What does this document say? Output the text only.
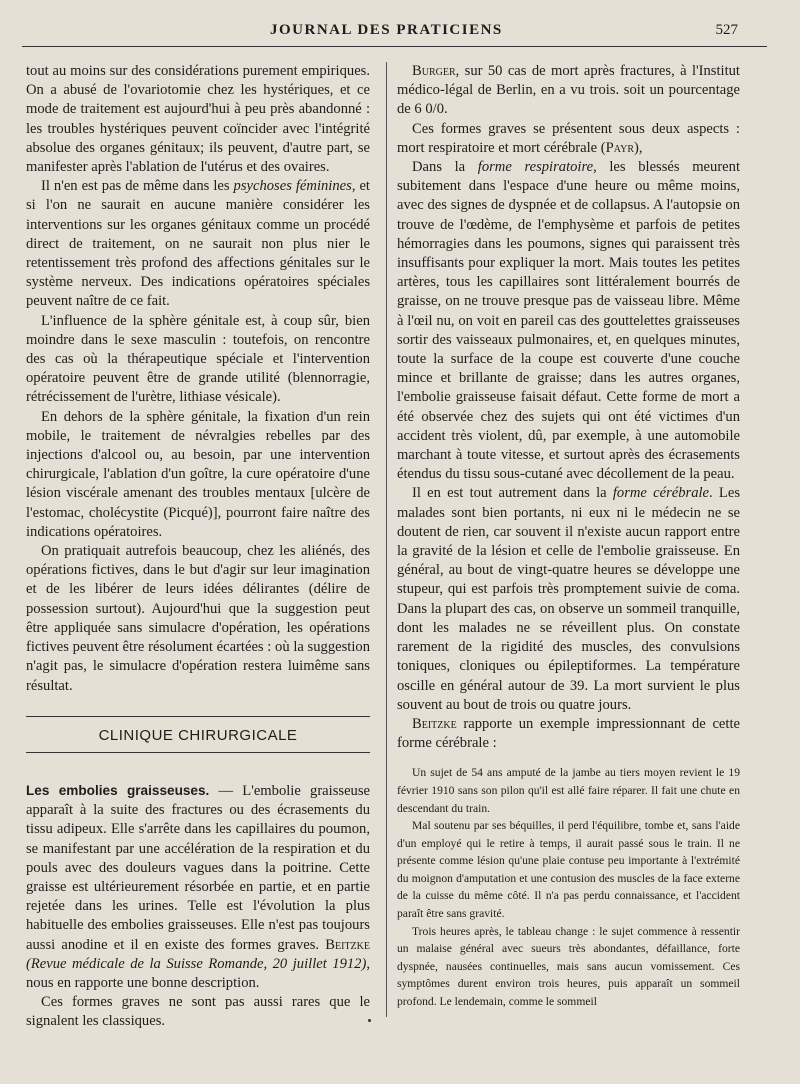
JOURNAL DES PRATICIENS	527

tout au moins sur des considérations purement empiriques. On a abusé de l'ovariotomie chez les hystériques, et ce mode de traitement est aujourd'hui à peu près abandonné : les troubles hystériques peuvent coïncider avec l'intégrité absolue des organes génitaux; ils peuvent, d'autre part, se manifester après l'ablation de l'utérus et des ovaires.

Il n'en est pas de même dans les psychoses féminines, et si l'on ne saurait en aucune manière considérer les interventions sur les organes génitaux comme un procédé direct de traitement, on ne saurait non plus nier le retentissement très profond des affections génitales sur le système nerveux. Des indications opératoires spéciales peuvent naître de ce fait.

L'influence de la sphère génitale est, à coup sûr, bien moindre dans le sexe masculin : toutefois, on rencontre des cas où la thérapeutique spéciale et l'intervention opératoire peuvent être de grande utilité (blennorragie, rétrécissement de l'urètre, lithiase vésicale).

En dehors de la sphère génitale, la fixation d'un rein mobile, le traitement de névralgies rebelles par des injections d'alcool ou, au besoin, par une intervention chirurgicale, l'ablation d'un goître, la cure opératoire d'une lésion viscérale amenant des troubles mentaux [ulcère de l'estomac, cholécystite (Picqué)], pourront faire naître des indications opératoires.

On pratiquait autrefois beaucoup, chez les aliénés, des opérations fictives, dans le but d'agir sur leur imagination et de les libérer de leurs idées délirantes (délire de possession surtout). Aujourd'hui que la suggestion peut être appliquée sans simulacre d'opération, les opérations fictives peuvent être résolument écartées : où la suggestion n'agit pas, le simulacre d'opération restera luimême sans résultat.

CLINIQUE CHIRURGICALE

Les embolies graisseuses. — L'embolie graisseuse apparaît à la suite des fractures ou des écrasements du tissu adipeux. Elle s'arrête dans les capillaires du poumon, se manifestant par une accélération de la respiration et du pouls avec des douleurs vagues dans la poitrine. Cette graisse est ultérieurement résorbée en partie, et en partie rejetée dans les urines. Telle est l'évolution la plus habituelle des embolies graisseuses. Elle n'est pas toujours aussi anodine et il en existe des formes graves. Beitzke (Revue médicale de la Suisse Romande, 20 juillet 1912), nous en rapporte une bonne description.

Ces formes graves ne sont pas aussi rares que le signalent les classiques.

Burger, sur 50 cas de mort après fractures, à l'Institut médico-légal de Berlin, en a vu trois. soit un pourcentage de 6 0/0.

Ces formes graves se présentent sous deux aspects : mort respiratoire et mort cérébrale (Payr),

Dans la forme respiratoire, les blessés meurent subitement dans l'espace d'une heure ou même moins, avec des signes de dyspnée et de collapsus. A l'autopsie on trouve de l'œdème, de l'emphysème et parfois de petites hémorragies dans les poumons, signes qui paraissent très insuffisants pour expliquer la mort. Mais toutes les petites artères, tous les capillaires sont littéralement bourrés de graisse, on ne trouve presque pas de vaisseau libre. Même à l'œil nu, on voit en pareil cas des gouttelettes graisseuses sortir des vaisseaux pulmonaires, et, en quelques minutes, toute la surface de la coupe est couverte d'une couche mince et brillante de graisse; dans les autres organes, l'embolie graisseuse faisait défaut. Cette forme de mort a été observée chez des sujets qui ont été victimes d'un accident très violent, dû, par exemple, à une automobile marchant à toute vitesse, et surtout après des écrasements étendus du tissu sous-cutané avec décollement de la peau.

Il en est tout autrement dans la forme cérébrale. Les malades sont bien portants, ni eux ni le médecin ne se doutent de rien, car souvent il n'existe aucun rapport entre la gravité de la lésion et celle de l'embolie graisseuse. En général, au bout de vingt-quatre heures se développe une stupeur, qui est parfois très promptement suivie de coma. Dans la plupart des cas, on observe un sommeil tranquille, dont les malades ne se réveillent plus. On constate rarement de la rigidité des muscles, des convulsions toniques, cloniques ou épileptiformes. La température oscille en général autour de 39. La mort survient le plus souvent au bout de trois ou quatre jours.

Beitzke rapporte un exemple impressionnant de cette forme cérébrale :

Un sujet de 54 ans amputé de la jambe au tiers moyen revient le 19 février 1910 sans son pilon qu'il est allé faire réparer. Il fait une chute en descendant du train.

Mal soutenu par ses béquilles, il perd l'équilibre, tombe et, sans l'aide d'un employé qui le retire à temps, il aurait passé sous le train. Il ne présente comme lésion qu'une plaie contuse peu importante à l'extrémité du moignon d'amputation et une contusion des muscles de la face externe de la cuisse du même côté. Il n'a pas perdu connaissance, et l'accident paraît être sans gravité.

Trois heures après, le tableau change : le sujet commence à ressentir un malaise général avec sueurs très abondantes, défaillance, forte dyspnée, nausées continuelles, mais sans aucun vomissement. Ces symptômes durent environ trois heures, puis apparaît un sommeil profond. Le lendemain, comme le sommeil
